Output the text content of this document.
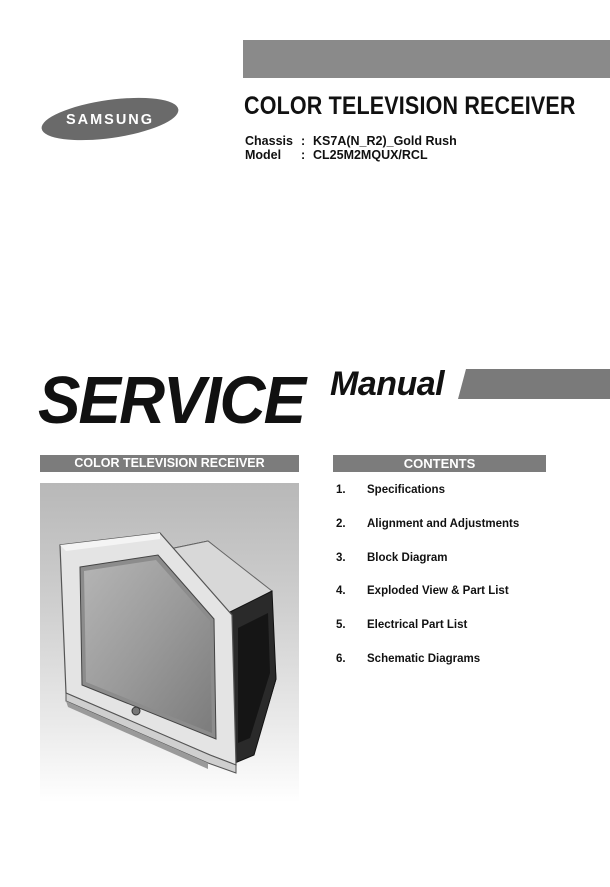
SAMSUNG	COLOR TELEVISION RECEIVER
Chassis : KS7A(N_R2)_Gold Rush
Model : CL25M2MQUX/RCL
SERVICE Manual
COLOR TELEVISION RECEIVER	CONTENTS
1.	Specifications
2.	Alignment and Adjustments
3.	Block Diagram
4.	Exploded View & Part List
5.	Electrical Part List
6.	Schematic Diagrams
